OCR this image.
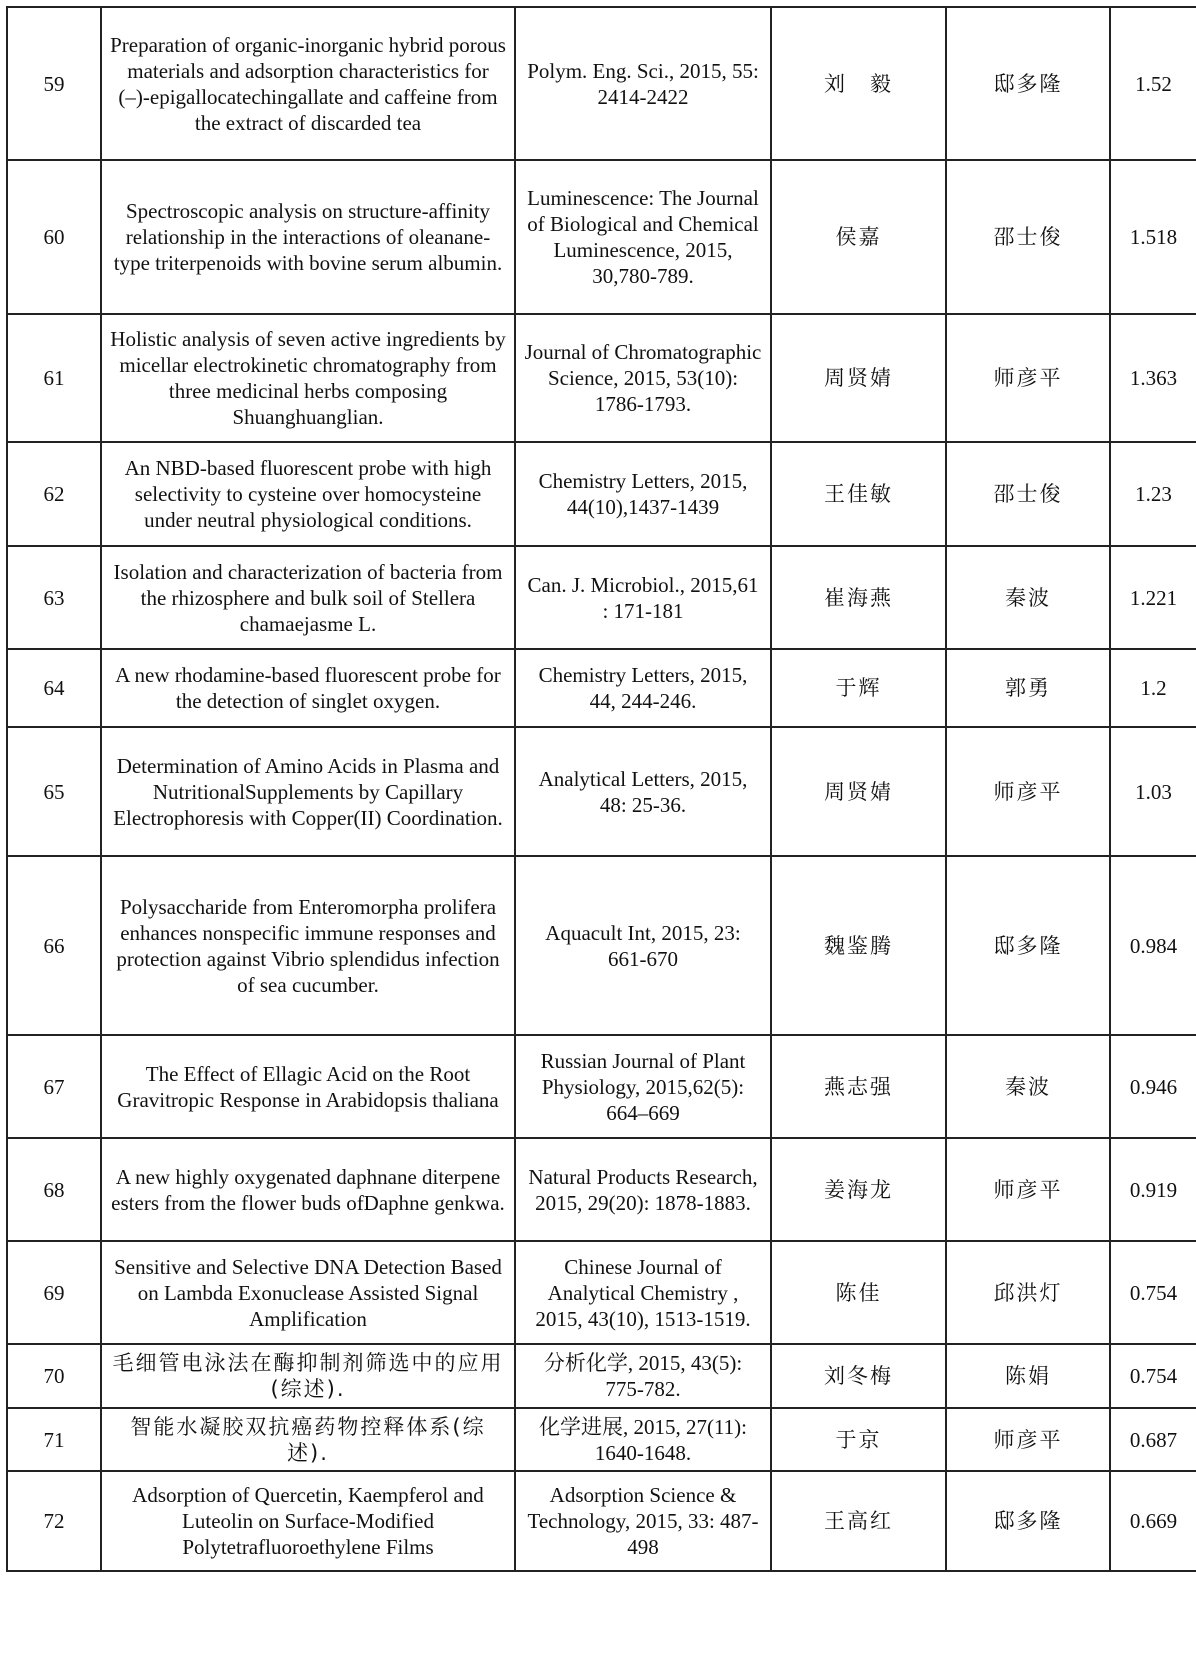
59	Preparation of organic-inorganic hybrid porous materials and adsorption characteristics for (–)-epigallocatechingallate and caffeine from the extract of discarded tea	Polym. Eng. Sci., 2015, 55: 2414-2422	刘　毅	邸多隆	1.52
60	Spectroscopic analysis on structure-affinity relationship in the interactions of oleanane- type triterpenoids with bovine serum albumin.	Luminescence: The Journal of Biological and Chemical Luminescence, 2015, 30,780-789.	侯嘉	邵士俊	1.518
61	Holistic analysis of seven active ingredients by micellar electrokinetic chromatography from three medicinal herbs composing Shuanghuanglian.	Journal of Chromatographic Science, 2015, 53(10): 1786-1793.	周贤婧	师彦平	1.363
62	An NBD-based fluorescent probe with high selectivity to cysteine over homocysteine under neutral physiological conditions.	Chemistry Letters, 2015, 44(10),1437-1439	王佳敏	邵士俊	1.23
63	Isolation and characterization of bacteria from the rhizosphere and bulk soil of Stellera chamaejasme L.	Can. J. Microbiol., 2015,61 : 171-181	崔海燕	秦波	1.221
64	A new rhodamine-based fluorescent probe for the detection of singlet oxygen.	Chemistry Letters, 2015, 44, 244-246.	于辉	郭勇	1.2
65	Determination of Amino Acids in Plasma and NutritionalSupplements by Capillary Electrophoresis with Copper(II) Coordination.	Analytical Letters, 2015, 48: 25-36.	周贤婧	师彦平	1.03
66	Polysaccharide from Enteromorpha prolifera enhances nonspecific immune responses and protection against Vibrio splendidus infection of sea cucumber.	Aquacult Int, 2015, 23: 661-670	魏鉴腾	邸多隆	0.984
67	The Effect of Ellagic Acid on the Root Gravitropic Response in Arabidopsis thaliana	Russian Journal of Plant Physiology, 2015,62(5): 664–669	燕志强	秦波	0.946
68	A new highly oxygenated daphnane diterpene esters from the flower buds ofDaphne genkwa.	Natural Products Research, 2015, 29(20): 1878-1883.	姜海龙	师彦平	0.919
69	Sensitive and Selective DNA Detection Based on Lambda Exonuclease Assisted Signal Amplification	Chinese Journal of Analytical Chemistry , 2015, 43(10), 1513-1519.	陈佳	邱洪灯	0.754
70	毛细管电泳法在酶抑制剂筛选中的应用(综述).	分析化学, 2015, 43(5): 775-782.	刘冬梅	陈娟	0.754
71	智能水凝胶双抗癌药物控释体系(综述).	化学进展, 2015, 27(11): 1640-1648.	于京	师彦平	0.687
72	Adsorption of Quercetin, Kaempferol and Luteolin on Surface-Modified Polytetrafluoroethylene Films	Adsorption Science & Technology, 2015, 33: 487-498	王高红	邸多隆	0.669
